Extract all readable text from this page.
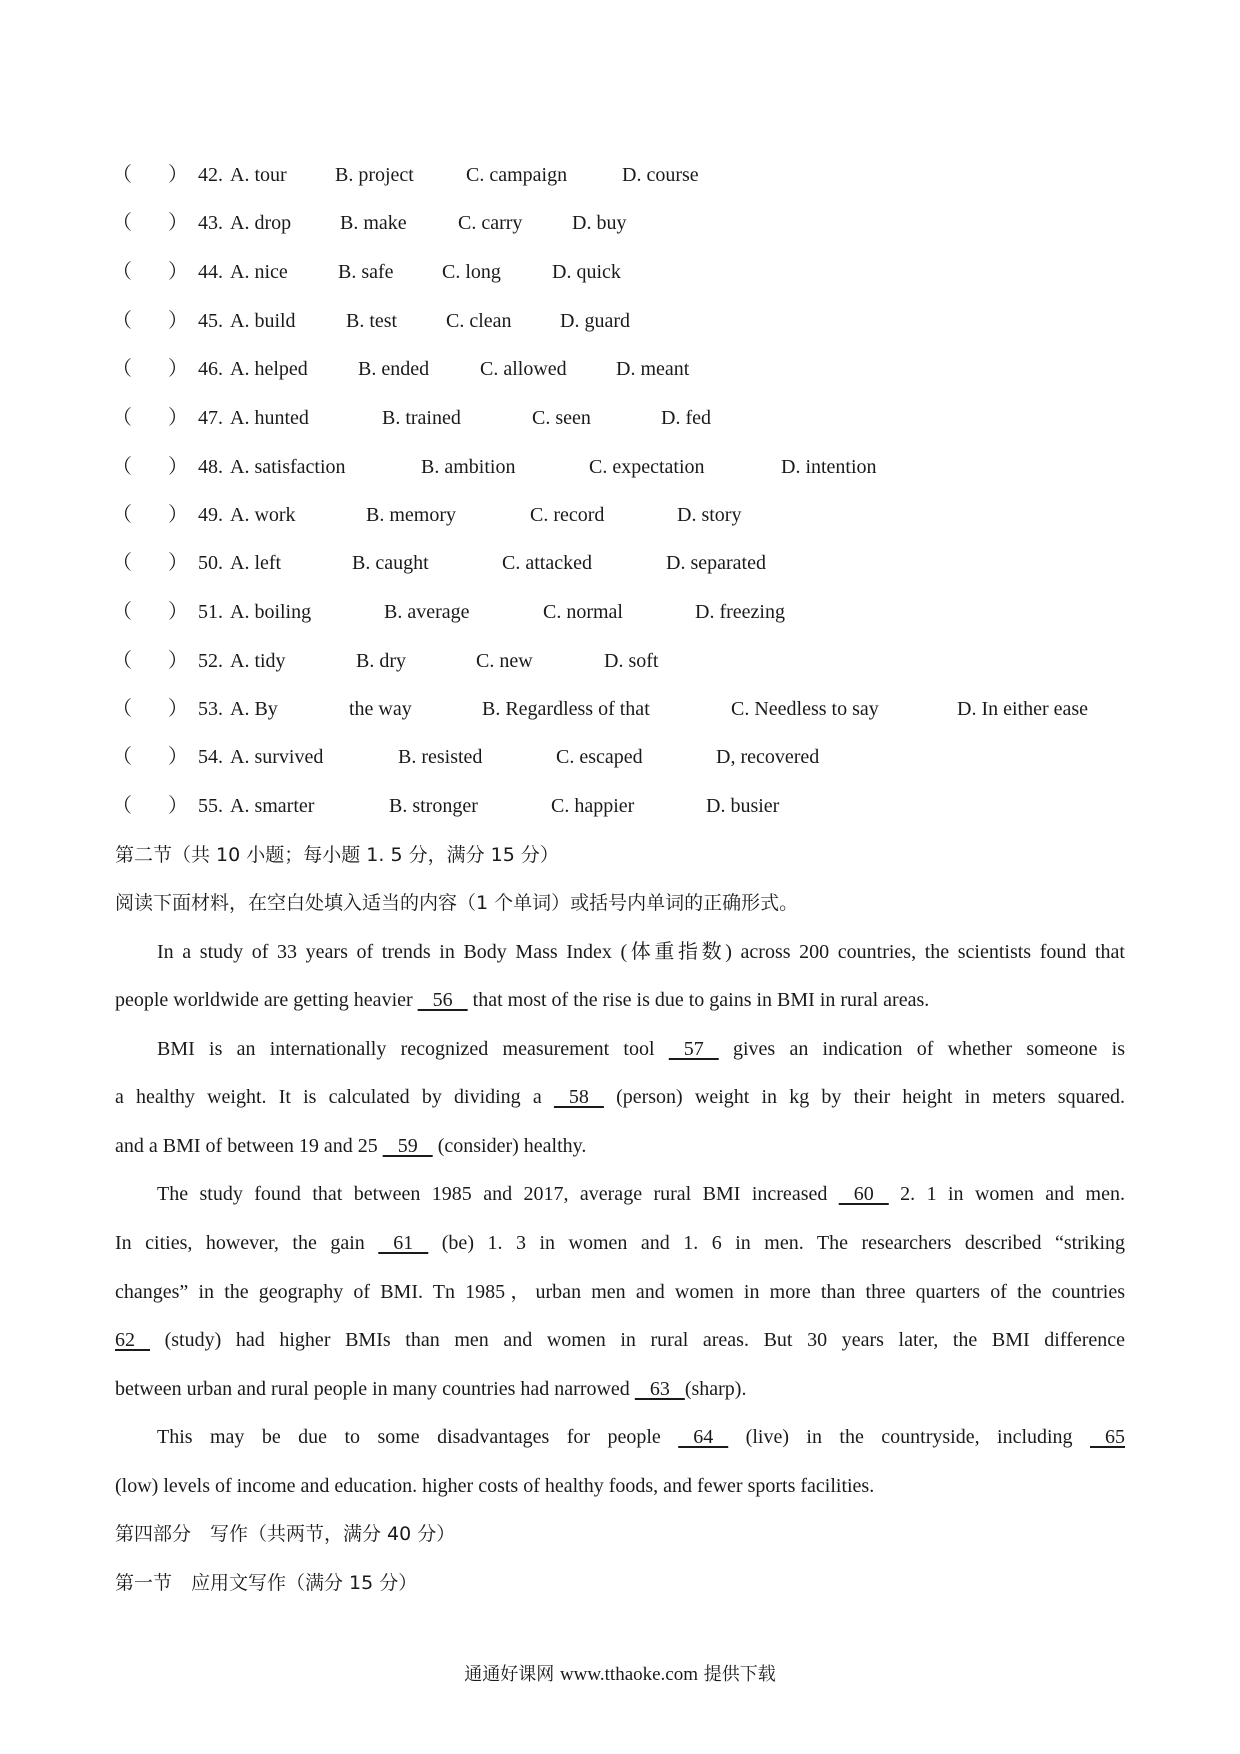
（ ） 42. A. tour B. project	C. campaign	D. course
（ ） 43. A. drop B. make	C. carry D. buy
（ ） 44. A. nice	B. safe C. long	D. quick
（ ） 45. A. build	B. test C. clean D. guard
（ ） 46. A. helped	B. ended	C. allowed D. meant
（ ） 47. A. hunted	B. trained	C. seen	D. fed
（ ） 48. A. satisfaction	B. ambition	C. expectation	D. intention
（ ） 49. A. work	B. memory	C. record	D. story
（ ） 50. A. left	B. caught	C. attacked	D. separated
（ ） 51. A. boiling	B. average	C. normal	D. freezing
（ ） 52. A. tidy	B. dry	C. new	D. soft
（ ） 53. A. By	the way	B. Regardless of that	C. Needless to say	D. In either ease
（ ） 54. A. survived	B. resisted	C. escaped	D, recovered
（ ） 55. A. smarter	B. stronger	C. happier	D. busier
第二节（共 10 小题；每小题 1. 5 分，满分 15 分）
阅读下面材料，在空白处填入适当的内容（1 个单词）或括号内单词的正确形式。
In a study of 33 years of trends in Body Mass Index (体重指数) across 200 countries, the scientists found that
people worldwide are getting heavier    56    that most of the rise is due to gains in BMI in rural areas.
BMI is an internationally recognized measurement tool    57    gives an indication of whether someone is
a healthy weight. It is calculated by dividing a    58    (person) weight in kg by their height in meters squared.
and a BMI of between 19 and 25    59    (consider) healthy.
The study found that between 1985 and 2017, average rural BMI increased    60    2. 1 in women and men.
In cities, however, the gain    61    (be) 1. 3 in women and 1. 6 in men. The researchers described “striking
changes” in the geography of BMI. Tn 1985，urban men and women in more than three quarters of the countries
62    (study) had higher BMIs than men and women in rural areas. But 30 years later, the BMI difference
between urban and rural people in many countries had narrowed    63   (sharp).
This may be due to some disadvantages for people    64    (live) in the countryside, including    65
(low) levels of income and education. higher costs of healthy foods, and fewer sports facilities.
第四部分　写作（共两节，满分 40 分）
第一节　应用文写作（满分 15 分）
通通好课网 www.tthaoke.com 提供下载
